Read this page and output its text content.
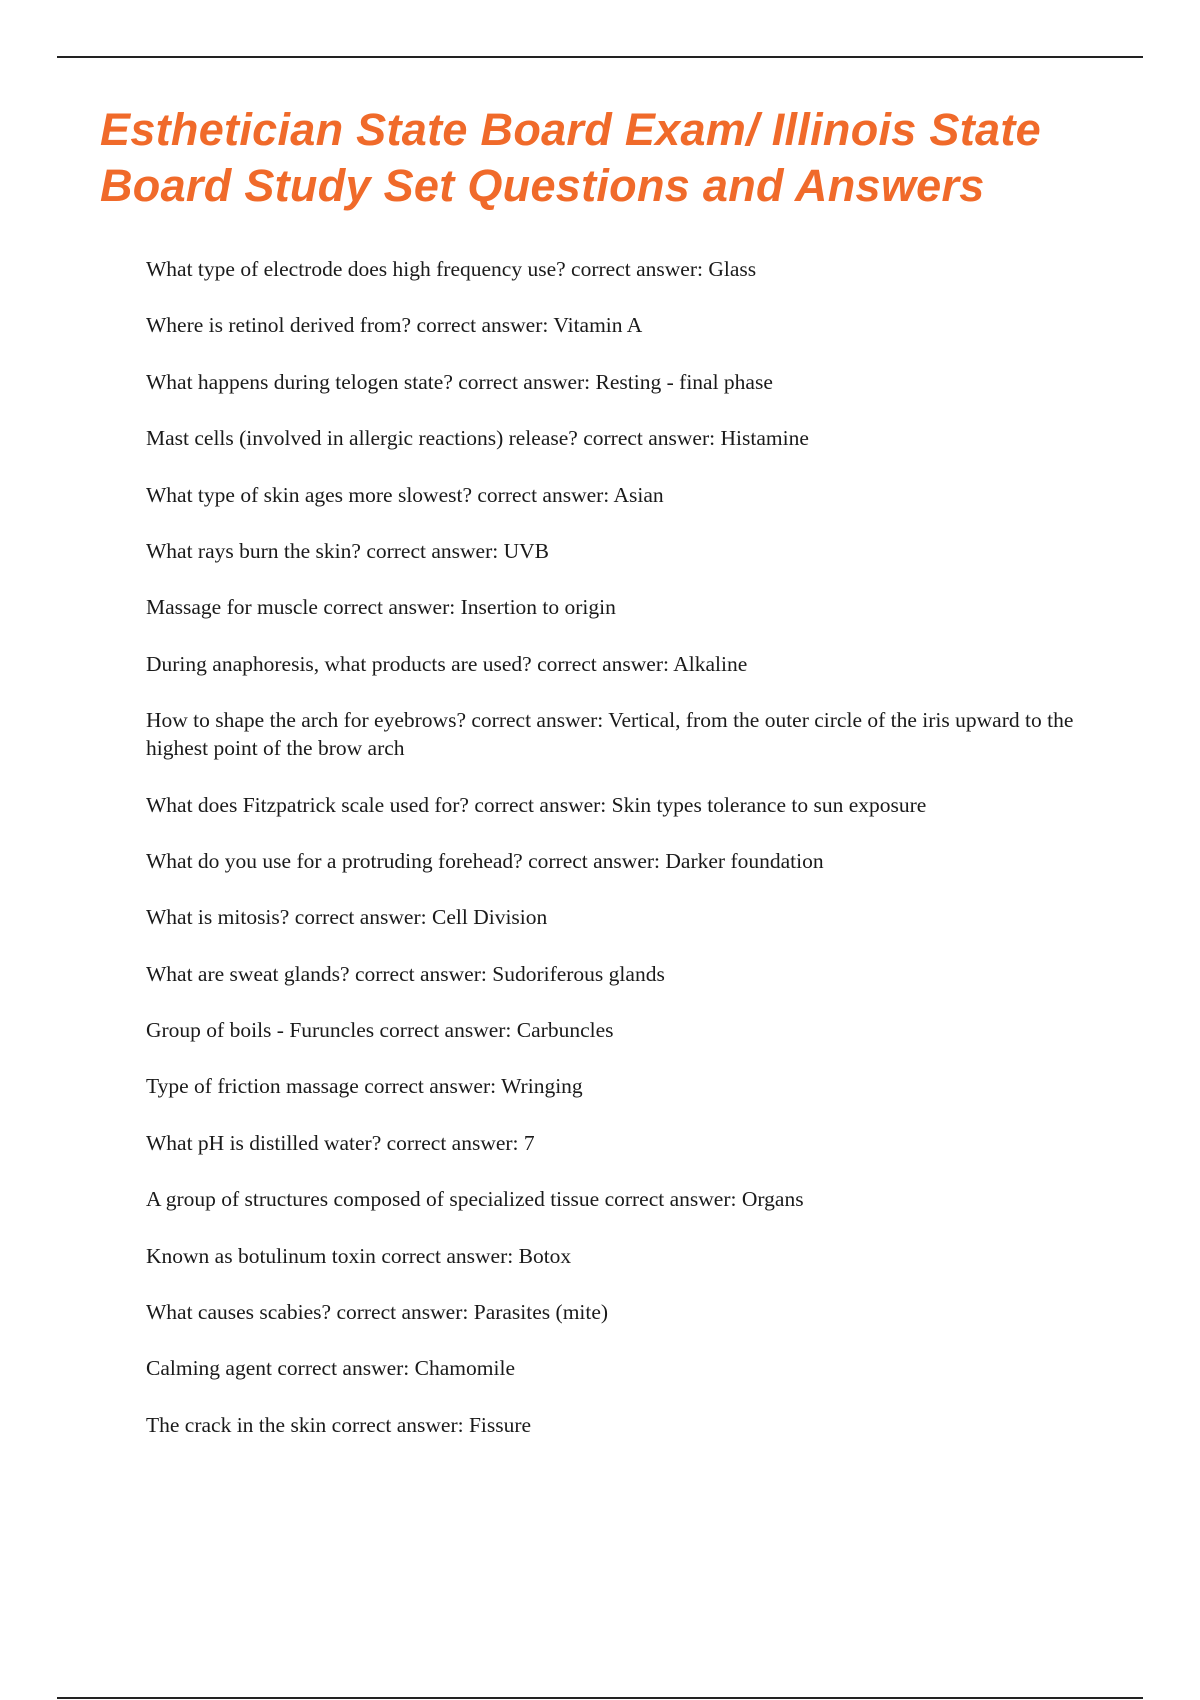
Esthetician State Board Exam/ Illinois State Board Study Set Questions and Answers
What type of electrode does high frequency use? correct answer: Glass
Where is retinol derived from? correct answer: Vitamin A
What happens during telogen state? correct answer: Resting - final phase
Mast cells (involved in allergic reactions) release? correct answer: Histamine
What type of skin ages more slowest? correct answer: Asian
What rays burn the skin? correct answer: UVB
Massage for muscle correct answer: Insertion to origin
During anaphoresis, what products are used? correct answer: Alkaline
How to shape the arch for eyebrows? correct answer: Vertical, from the outer circle of the iris upward to the highest point of the brow arch
What does Fitzpatrick scale used for? correct answer: Skin types tolerance to sun exposure
What do you use for a protruding forehead? correct answer: Darker foundation
What is mitosis? correct answer: Cell Division
What are sweat glands? correct answer: Sudoriferous glands
Group of boils - Furuncles correct answer: Carbuncles
Type of friction massage correct answer: Wringing
What pH is distilled water? correct answer: 7
A group of structures composed of specialized tissue correct answer: Organs
Known as botulinum toxin correct answer: Botox
What causes scabies? correct answer: Parasites (mite)
Calming agent correct answer: Chamomile
The crack in the skin correct answer: Fissure
